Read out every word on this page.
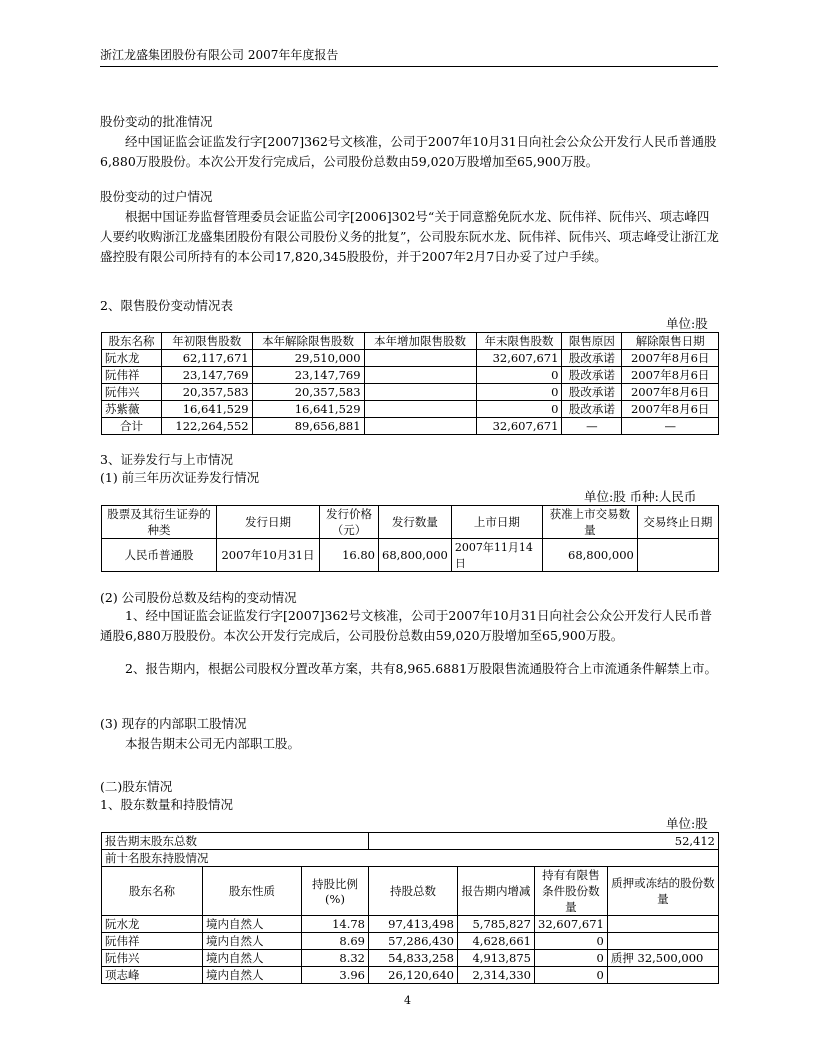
浙江龙盛集团股份有限公司 2007年年度报告
股份变动的批准情况
经中国证监会证监发行字[2007]362号文核准，公司于2007年10月31日向社会公众公开发行人民币普通股6,880万股股份。本次公开发行完成后，公司股份总数由59,020万股增加至65,900万股。
股份变动的过户情况
根据中国证券监督管理委员会证监公司字[2006]302号“关于同意豁免阮水龙、阮伟祥、阮伟兴、项志峰四人要约收购浙江龙盛集团股份有限公司股份义务的批复”，公司股东阮水龙、阮伟祥、阮伟兴、项志峰受让浙江龙盛控股有限公司所持有的本公司17,820,345股股份，并于2007年2月7日办妥了过户手续。
2、限售股份变动情况表
单位:股
股东名称	年初限售股数	本年解除限售股数	本年增加限售股数	年末限售股数	限售原因	解除限售日期
阮水龙	62,117,671	29,510,000		32,607,671	股改承诺	2007年8月6日
阮伟祥	23,147,769	23,147,769		0	股改承诺	2007年8月6日
阮伟兴	20,357,583	20,357,583		0	股改承诺	2007年8月6日
苏紫薇	16,641,529	16,641,529		0	股改承诺	2007年8月6日
合计	122,264,552	89,656,881		32,607,671	—	—
3、证券发行与上市情况
(1) 前三年历次证券发行情况
单位:股 币种:人民币
股票及其衍生证券的种类	发行日期	发行价格（元）	发行数量	上市日期	获准上市交易数量	交易终止日期
人民币普通股	2007年10月31日	16.80	68,800,000	2007年11月14日	68,800,000	
(2) 公司股份总数及结构的变动情况
1、经中国证监会证监发行字[2007]362号文核准，公司于2007年10月31日向社会公众公开发行人民币普通股6,880万股股份。本次公开发行完成后，公司股份总数由59,020万股增加至65,900万股。
2、报告期内，根据公司股权分置改革方案，共有8,965.6881万股限售流通股符合上市流通条件解禁上市。
(3) 现存的内部职工股情况
本报告期末公司无内部职工股。
(二)股东情况
1、股东数量和持股情况
单位:股
报告期末股东总数			52,412			
前十名股东持股情况						
股东名称	股东性质	持股比例(%)	持股总数	报告期内增减	持有有限售条件股份数量	质押或冻结的股份数量
阮水龙	境内自然人	14.78	97,413,498	5,785,827	32,607,671	
阮伟祥	境内自然人	8.69	57,286,430	4,628,661	0	
阮伟兴	境内自然人	8.32	54,833,258	4,913,875	0	质押 32,500,000
项志峰	境内自然人	3.96	26,120,640	2,314,330	0	
4
